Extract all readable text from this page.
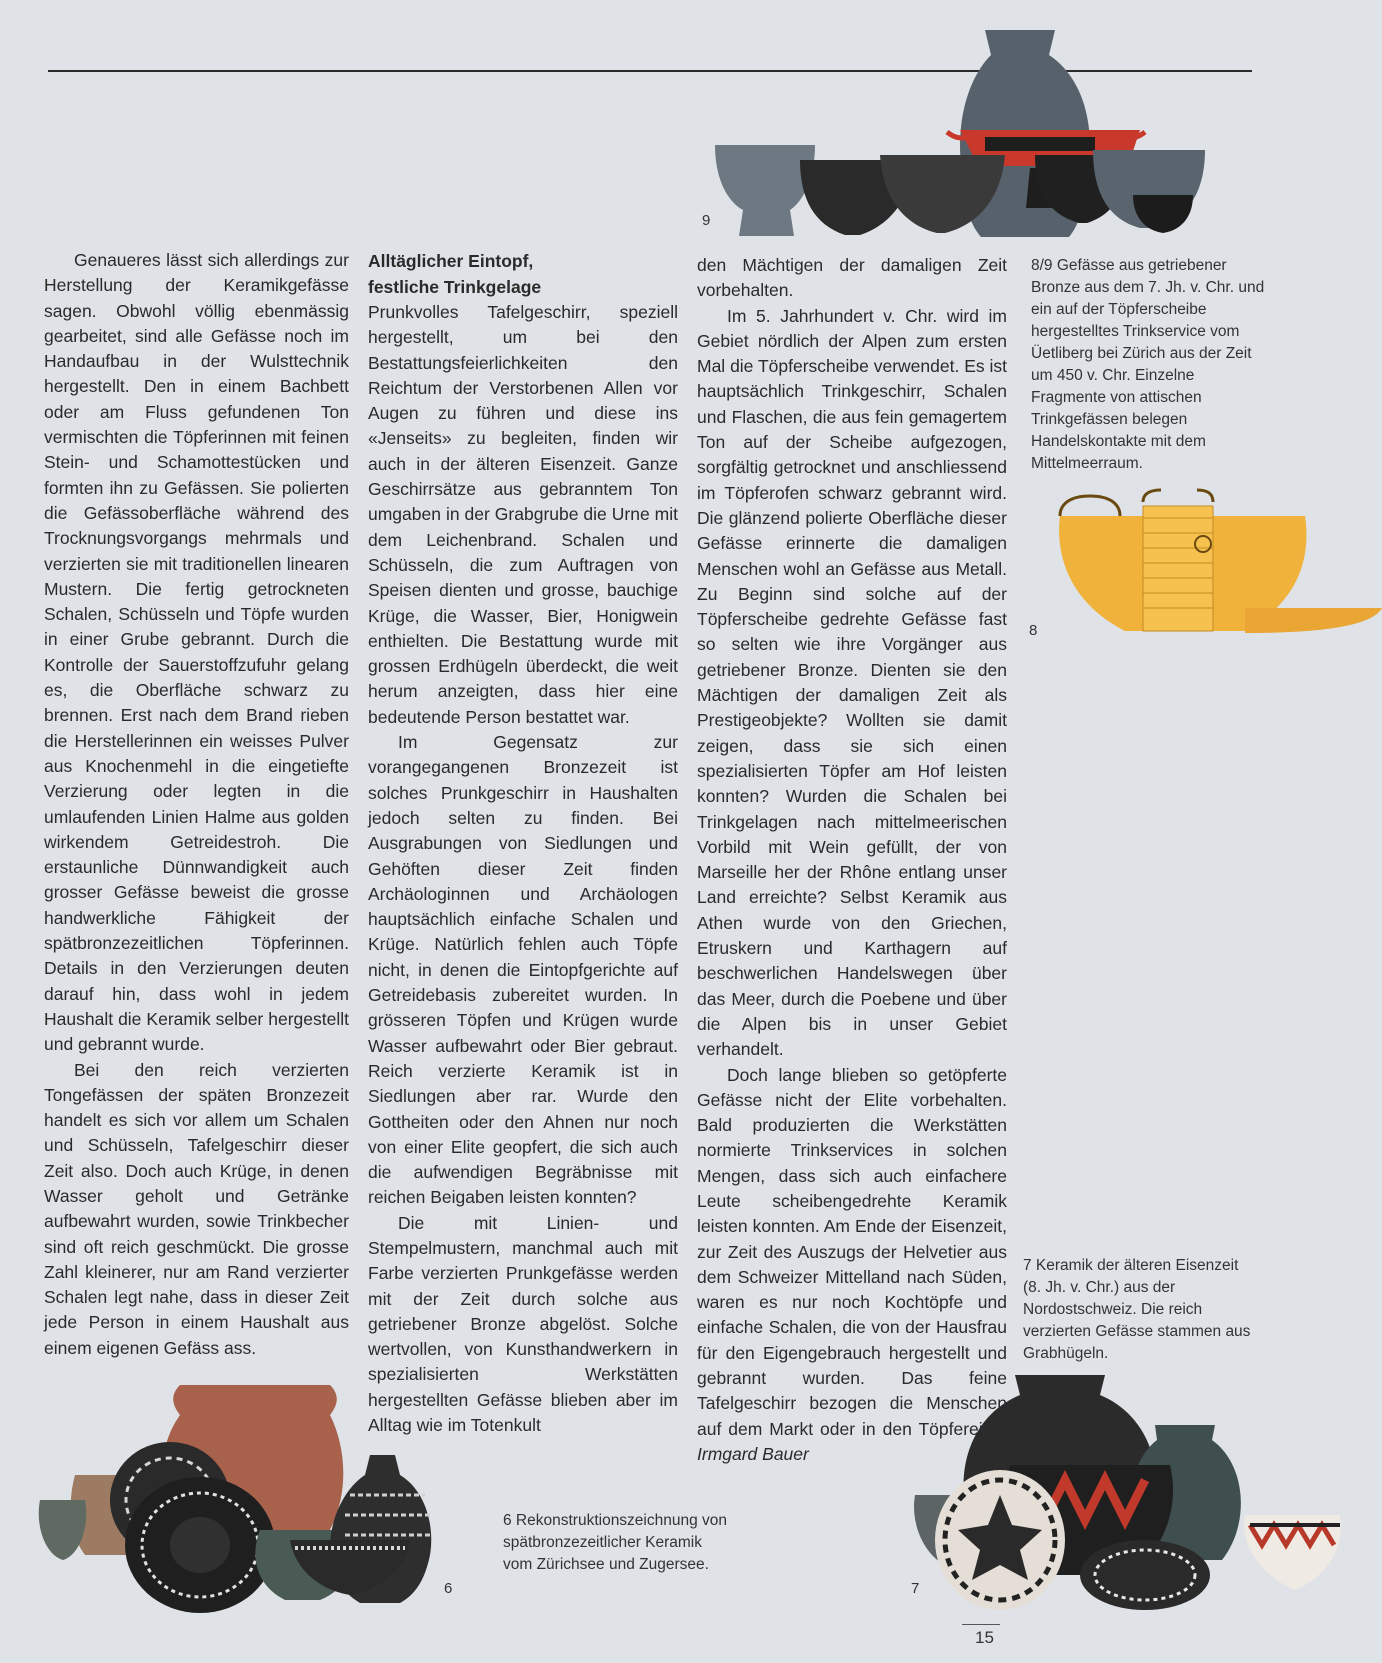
9
8
6	7

Genaueres lässt sich allerdings zur Herstellung der Keramikgefässe sagen. Obwohl völlig ebenmässig gearbeitet, sind alle Gefässe noch im Handaufbau in der Wulsttechnik hergestellt. Den in einem Bachbett oder am Fluss gefundenen Ton vermischten die Töpferinnen mit feinen Stein- und Schamottestücken und formten ihn zu Gefässen. Sie polierten die Gefässoberfläche während des Trocknungsvorgangs mehrmals und verzierten sie mit traditionellen linearen Mustern. Die fertig getrockneten Schalen, Schüsseln und Töpfe wurden in einer Grube gebrannt. Durch die Kontrolle der Sauerstoffzufuhr gelang es, die Oberfläche schwarz zu brennen. Erst nach dem Brand rieben die Herstellerinnen ein weisses Pulver aus Knochenmehl in die eingetiefte Verzierung oder legten in die umlaufenden Linien Halme aus golden wirkendem Getreidestroh. Die erstaunliche Dünnwandigkeit auch grosser Gefässe beweist die grosse handwerkliche Fähigkeit der spätbronzezeitlichen Töpferinnen. Details in den Verzierungen deuten darauf hin, dass wohl in jedem Haushalt die Keramik selber hergestellt und gebrannt wurde.

Bei den reich verzierten Tongefässen der späten Bronzezeit handelt es sich vor allem um Schalen und Schüsseln, Tafelgeschirr dieser Zeit also. Doch auch Krüge, in denen Wasser geholt und Getränke aufbewahrt wurden, sowie Trinkbecher sind oft reich geschmückt. Die grosse Zahl kleinerer, nur am Rand verzierter Schalen legt nahe, dass in dieser Zeit jede Person in einem Haushalt aus einem eigenen Gefäss ass.

Alltäglicher Eintopf,
festliche Trinkgelage

Prunkvolles Tafelgeschirr, speziell hergestellt, um bei den Bestattungsfeierlichkeiten den Reichtum der Verstorbenen Allen vor Augen zu führen und diese ins «Jenseits» zu begleiten, finden wir auch in der älteren Eisenzeit. Ganze Geschirrsätze aus gebranntem Ton umgaben in der Grabgrube die Urne mit dem Leichenbrand. Schalen und Schüsseln, die zum Auftragen von Speisen dienten und grosse, bauchige Krüge, die Wasser, Bier, Honigwein enthielten. Die Bestattung wurde mit grossen Erdhügeln überdeckt, die weit herum anzeigten, dass hier eine bedeutende Person bestattet war.

Im Gegensatz zur vorangegangenen Bronzezeit ist solches Prunkgeschirr in Haushalten jedoch selten zu finden. Bei Ausgrabungen von Siedlungen und Gehöften dieser Zeit finden Archäologinnen und Archäologen hauptsächlich einfache Schalen und Krüge. Natürlich fehlen auch Töpfe nicht, in denen die Eintopfgerichte auf Getreidebasis zubereitet wurden. In grösseren Töpfen und Krügen wurde Wasser aufbewahrt oder Bier gebraut. Reich verzierte Keramik ist in Siedlungen aber rar. Wurde den Gottheiten oder den Ahnen nur noch von einer Elite geopfert, die sich auch die aufwendigen Begräbnisse mit reichen Beigaben leisten konnten?

Die mit Linien- und Stempelmustern, manchmal auch mit Farbe verzierten Prunkgefässe werden mit der Zeit durch solche aus getriebener Bronze abgelöst. Solche wertvollen, von Kunsthandwerkern in spezialisierten Werkstätten hergestellten Gefässe blieben aber im Alltag wie im Totenkult

den Mächtigen der damaligen Zeit vorbehalten.

Im 5. Jahrhundert v. Chr. wird im Gebiet nördlich der Alpen zum ersten Mal die Töpferscheibe verwendet. Es ist hauptsächlich Trinkgeschirr, Schalen und Flaschen, die aus fein gemagertem Ton auf der Scheibe aufgezogen, sorgfältig getrocknet und anschliessend im Töpferofen schwarz gebrannt wird. Die glänzend polierte Oberfläche dieser Gefässe erinnerte die damaligen Menschen wohl an Gefässe aus Metall. Zu Beginn sind solche auf der Töpferscheibe gedrehte Gefässe fast so selten wie ihre Vorgänger aus getriebener Bronze. Dienten sie den Mächtigen der damaligen Zeit als Prestigeobjekte? Wollten sie damit zeigen, dass sie sich einen spezialisierten Töpfer am Hof leisten konnten? Wurden die Schalen bei Trinkgelagen nach mittelmeerischen Vorbild mit Wein gefüllt, der von Marseille her der Rhône entlang unser Land erreichte? Selbst Keramik aus Athen wurde von den Griechen, Etruskern und Karthagern auf beschwerlichen Handelswegen über das Meer, durch die Poebene und über die Alpen bis in unser Gebiet verhandelt.

Doch lange blieben so getöpferte Gefässe nicht der Elite vorbehalten. Bald produzierten die Werkstätten normierte Trinkservices in solchen Mengen, dass sich auch einfachere Leute scheibengedrehte Keramik leisten konnten. Am Ende der Eisenzeit, zur Zeit des Auszugs der Helvetier aus dem Schweizer Mittelland nach Süden, waren es nur noch Kochtöpfe und einfache Schalen, die von der Hausfrau für den Eigengebrauch hergestellt und gebrannt wurden. Das feine Tafelgeschirr bezogen die Menschen auf dem Markt oder in den Töpfereien. Irmgard Bauer

8/9 Gefässe aus getriebener Bronze aus dem 7. Jh. v. Chr. und ein auf der Töpferscheibe hergestelltes Trinkservice vom Üetliberg bei Zürich aus der Zeit um 450 v. Chr. Einzelne Fragmente von attischen Trinkgefässen belegen Handelskontakte mit dem Mittelmeerraum.
7 Keramik der älteren Eisenzeit (8. Jh. v. Chr.) aus der Nordostschweiz. Die reich verzierten Gefässe stammen aus Grabhügeln.
6 Rekonstruktionszeichnung von spätbronzezeitlicher Keramik vom Zürichsee und Zugersee.
15
